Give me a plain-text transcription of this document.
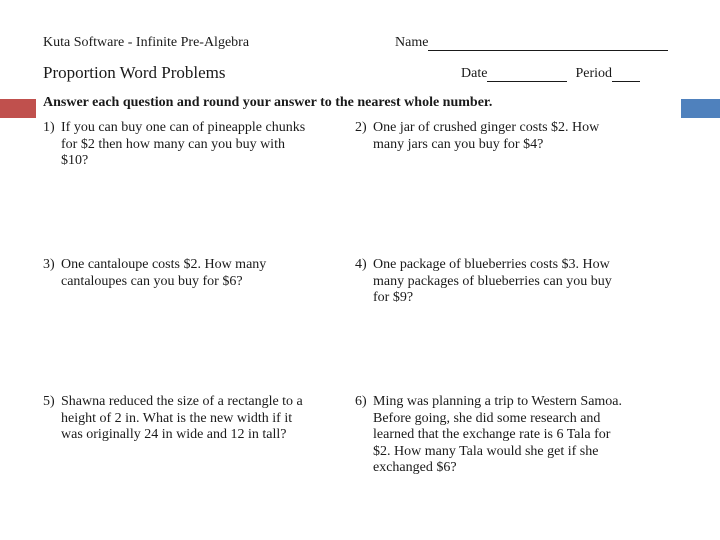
Kuta Software - Infinite Pre-Algebra
Proportion Word Problems
Name
Date	Period
Answer each question and round your answer to the nearest whole number.
1) If you can buy one can of pineapple chunks
for $2 then how many can you buy with
$10?
2) One jar of crushed ginger costs $2. How
many jars can you buy for $4?
3) One cantaloupe costs $2. How many
cantaloupes can you buy for $6?
4) One package of blueberries costs $3. How
many packages of blueberries can you buy
for $9?
5) Shawna reduced the size of a rectangle to a
height of 2 in. What is the new width if it
was originally 24 in wide and 12 in tall?
6) Ming was planning a trip to Western Samoa.
Before going, she did some research and
learned that the exchange rate is 6 Tala for
$2. How many Tala would she get if she
exchanged $6?
